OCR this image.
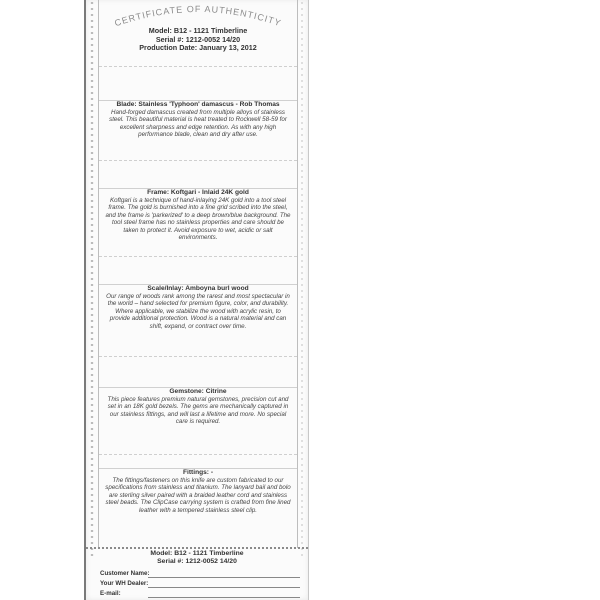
CERTIFICATE OF AUTHENTICITY
Model: B12 - 1121 Timberline
Serial #: 1212-0052 14/20
Production Date: January 13, 2012
Blade: Stainless 'Typhoon' damascus - Rob Thomas
Hand-forged damascus created from multiple alloys of stainless steel. This beautiful material is heat treated to Rockwell 58-59 for excellent sharpness and edge retention. As with any high performance blade, clean and dry after use.
Frame: Koftgari - Inlaid 24K gold
Koftgari is a technique of hand-inlaying 24K gold into a tool steel frame. The gold is burnished into a fine grid scribed into the steel, and the frame is 'parkerized' to a deep brown/blue background. The tool steel frame has no stainless properties and care should be taken to protect it. Avoid exposure to wet, acidic or salt environments.
Scale/Inlay: Amboyna burl wood
Our range of woods rank among the rarest and most spectacular in the world – hand selected for premium figure, color, and durability. Where applicable, we stabilize the wood with acrylic resin, to provide additional protection. Wood is a natural material and can shift, expand, or contract over time.
Gemstone: Citrine
This piece features premium natural gemstones, precision cut and set in an 18K gold bezels. The gems are mechanically captured in our stainless fittings, and will last a lifetime and more. No special care is required.
Fittings: -
The fittings/fasteners on this knife are custom fabricated to our specifications from stainless and titanium. The lanyard bail and bolo are sterling silver paired with a braided leather cord and stainless steel beads. The ClipCase carrying system is crafted from fine lined leather with a tempered stainless steel clip.
Model: B12 - 1121 Timberline
Serial #: 1212-0052 14/20
Customer Name:
Your WH Dealer:
E-mail:
